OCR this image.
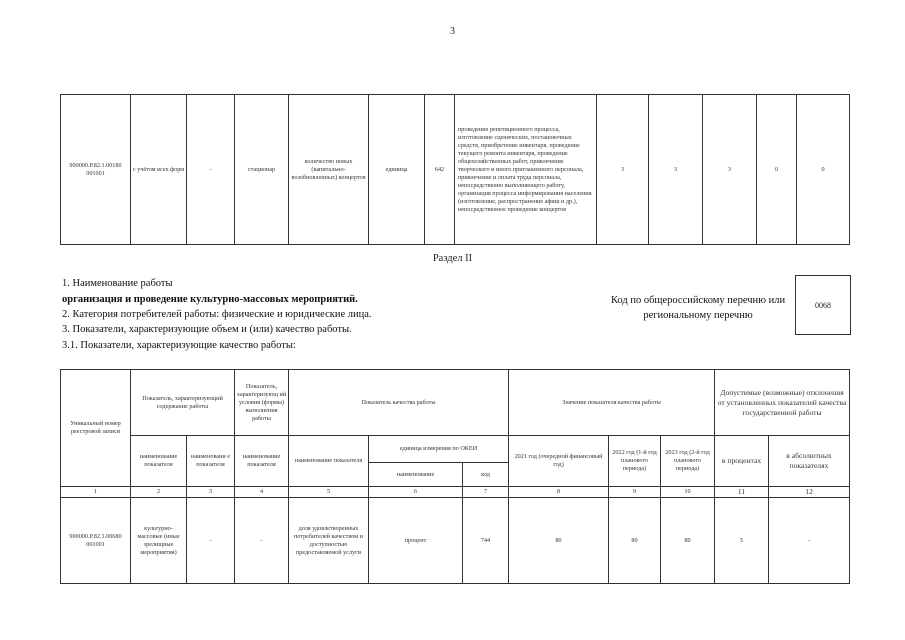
3
900000.Р.82.1.00180 001001	с учётом всех форм	-	стационар	количество новых (капитально-возобновленных) концертов	единица	642	проведение репетиционного процесса, изготовление сценических, постановочных средств, приобретение инвентаря, проведение текущего ремонта инвентаря, проведение общехозяйственных работ, привлечение творческого и иного приглашенного персонала, привлечение и оплата труда персонала, непосредственно выполняющего работу, организация процесса информирования населения (изготовление, распространение афиш и др.), непосредствeнное проведение концертов	3	3	3	0	0
Раздел II
1. Наименование работы
организация и проведение культурно-массовых мероприятий.
2. Категория потребителей работы: физические и юридические лица.
3. Показатели, характеризующие объем и (или) качество работы.
3.1. Показатели, характеризующие качество работы:
Код по общероссийскому перечню или региональному перечню
0068
Уникальный номер реестровой записи	Показатель, характеризующий содержание работы		Показатель, характеризующ ий условия (формы) выполнения работы	Показатель качества работы			Значение показателя качества работы			Допустимые (возможные) отклонения от установленных показателей качества государственной работы	
	наименование показателя	наименовани е показателя	наименование показателя	наименование показателя	единица измерения по ОКЕИ		2021 год (очередной финансовый год)	2022 год (1-й год планового периода)	2023 год (2-й год планового периода)	в процентах	в абсолютных показателях
					наименование	код					
1	2	3	4	5	6	7	8	9	10	11	12
900000.Р.82.1.00680 001001	культурно-массовые (иные зрелищные мероприятия)	-	-	доля удовлетворенных потребителей качеством и доступностью предоставляемой услуги	процент	744	80	80	80	5	-
